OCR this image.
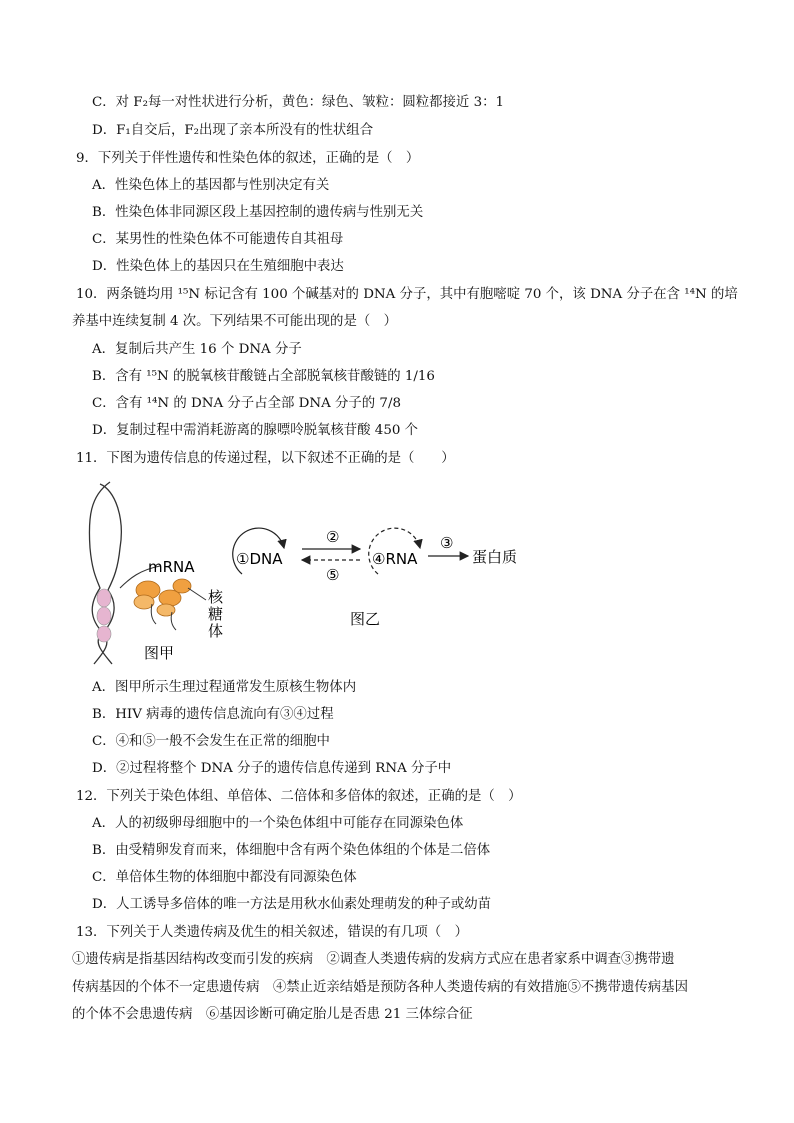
C．对 F₂每一对性状进行分析，黄色：绿色、皱粒：圆粒都接近 3：1
D．F₁自交后，F₂出现了亲本所没有的性状组合
9．下列关于伴性遗传和性染色体的叙述，正确的是（　）
A．性染色体上的基因都与性别决定有关
B．性染色体非同源区段上基因控制的遗传病与性别无关
C．某男性的性染色体不可能遗传自其祖母
D．性染色体上的基因只在生殖细胞中表达
10．两条链均用 ¹⁵N 标记含有 100 个碱基对的 DNA 分子，其中有胞嘧啶 70 个，该 DNA 分子在含 ¹⁴N 的培
养基中连续复制 4 次。下列结果不可能出现的是（　）
A．复制后共产生 16 个 DNA 分子
B．含有 ¹⁵N 的脱氧核苷酸链占全部脱氧核苷酸链的 1/16
C．含有 ¹⁴N 的 DNA 分子占全部 DNA 分子的 7/8
D．复制过程中需消耗游离的腺嘌呤脱氧核苷酸 450 个
11．下图为遗传信息的传递过程，以下叙述不正确的是（　　）
mRNA
核
糖
体
图甲
①DNA
②
⑤
④RNA
③
蛋白质
图乙
A．图甲所示生理过程通常发生原核生物体内
B．HIV 病毒的遗传信息流向有③④过程
C．④和⑤一般不会发生在正常的细胞中
D．②过程将整个 DNA 分子的遗传信息传递到 RNA 分子中
12．下列关于染色体组、单倍体、二倍体和多倍体的叙述，正确的是（　）
A．人的初级卵母细胞中的一个染色体组中可能存在同源染色体
B．由受精卵发育而来，体细胞中含有两个染色体组的个体是二倍体
C．单倍体生物的体细胞中都没有同源染色体
D．人工诱导多倍体的唯一方法是用秋水仙素处理萌发的种子或幼苗
13．下列关于人类遗传病及优生的相关叙述，错误的有几项（　）
①遗传病是指基因结构改变而引发的疾病　②调查人类遗传病的发病方式应在患者家系中调查③携带遗
传病基因的个体不一定患遗传病　④禁止近亲结婚是预防各种人类遗传病的有效措施⑤不携带遗传病基因
的个体不会患遗传病　⑥基因诊断可确定胎儿是否患 21 三体综合征
